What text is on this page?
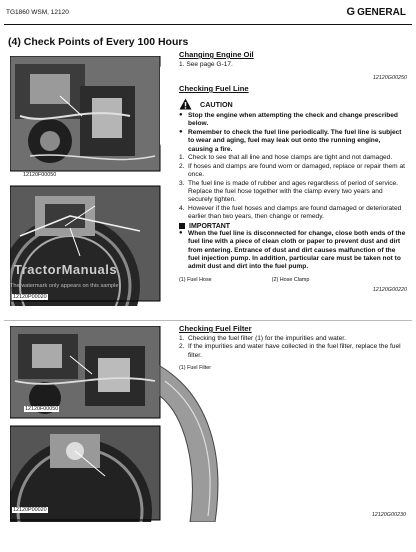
TG1860 WSM, 12120	G GENERAL
(4) Check Points of Every 100 Hours
12120F00050
12120P00020
TractorManuals
The watermark only appears on this sample
Changing Engine Oil
1. See page G-17.
12120G00250
Checking Fuel Line
CAUTION
● Stop the engine when attempting the check and change prescribed below.
● Remember to check the fuel line periodically. The fuel line is subject to wear and aging, fuel may leak out onto the running engine, causing a fire.
1. Check to see that all line and hose clamps are tight and not damaged.
2. If hoses and clamps are found worn or damaged, replace or repair them at once.
3. The fuel line is made of rubber and ages regardless of period of service. Replace the fuel hose together with the clamp every two years and securely tighten.
4. However if the fuel hoses and clamps are found damaged or deteriorated earlier than two years, then change or remedy.
IMPORTANT
● When the fuel line is disconnected for change, close both ends of the fuel line with a piece of clean cloth or paper to prevent dust and dirt from entering. Entrance of dust and dirt causes malfunction of the fuel injection pump. In addition, particular care must be taken not to admit dust and dirt into the fuel pump.
(1) Fuel Hose	(2) Hose Clamp
12120G00220
12120F00050
12120P00020
Checking Fuel Filter
1. Checking the fuel filter (1) for the impurities and water.
2. If the impurities and water have collected in the fuel filter, replace the fuel filter.
(1) Fuel Filter
12120G00230
